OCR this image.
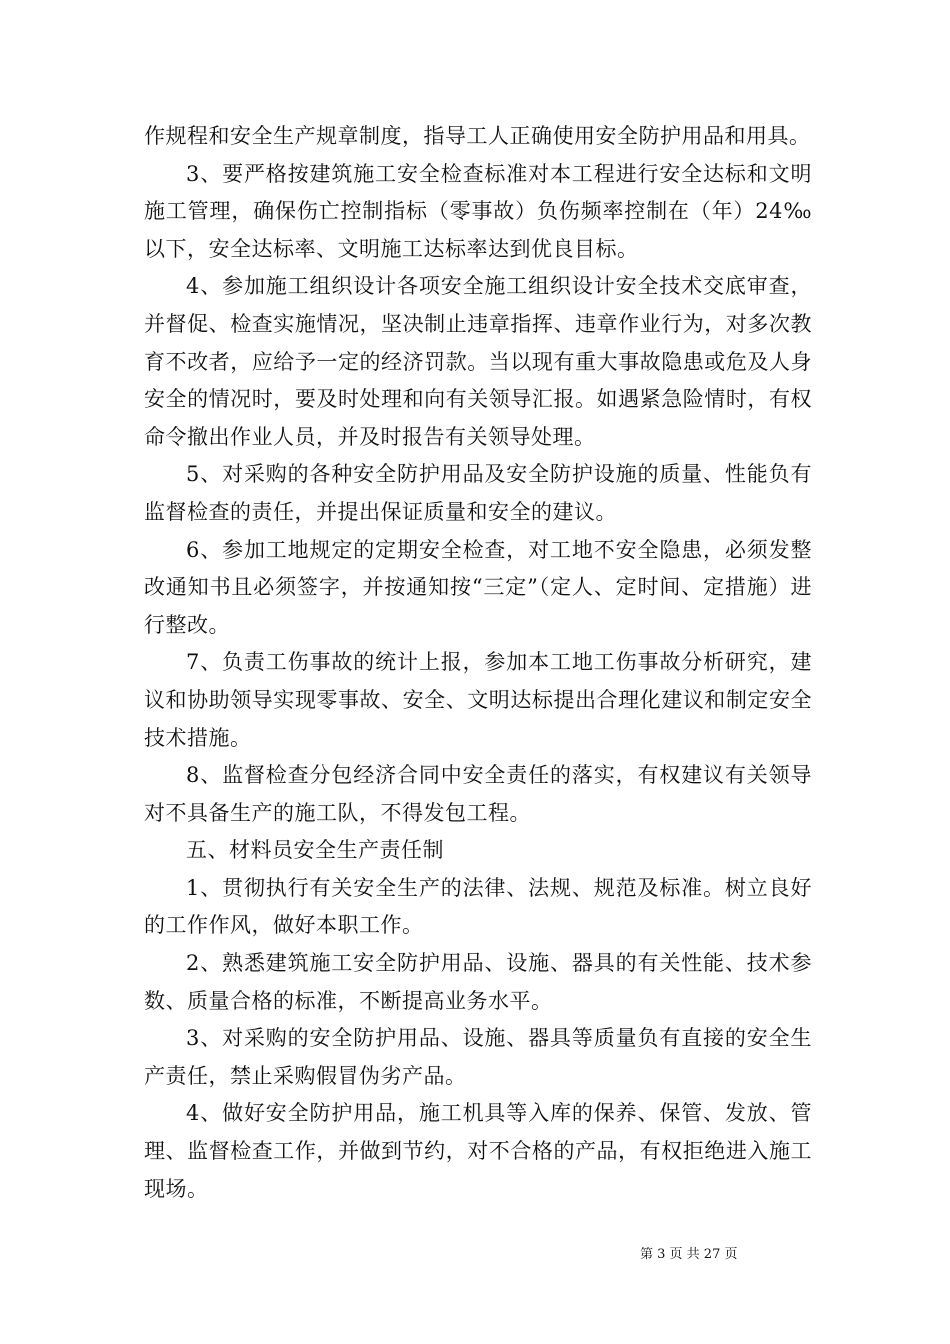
作规程和安全生产规章制度，指导工人正确使用安全防护用品和用具。

3、要严格按建筑施工安全检查标准对本工程进行安全达标和文明施工管理，确保伤亡控制指标（零事故）负伤频率控制在（年）24‰以下，安全达标率、文明施工达标率达到优良目标。

4、参加施工组织设计各项安全施工组织设计安全技术交底审查，并督促、检查实施情况，坚决制止违章指挥、违章作业行为，对多次教育不改者，应给予一定的经济罚款。当以现有重大事故隐患或危及人身安全的情况时，要及时处理和向有关领导汇报。如遇紧急险情时，有权命令撤出作业人员，并及时报告有关领导处理。

5、对采购的各种安全防护用品及安全防护设施的质量、性能负有监督检查的责任，并提出保证质量和安全的建议。

6、参加工地规定的定期安全检查，对工地不安全隐患，必须发整改通知书且必须签字，并按通知按“三定”（定人、定时间、定措施）进行整改。

7、负责工伤事故的统计上报，参加本工地工伤事故分析研究，建议和协助领导实现零事故、安全、文明达标提出合理化建议和制定安全技术措施。

8、监督检查分包经济合同中安全责任的落实，有权建议有关领导对不具备生产的施工队，不得发包工程。

五、材料员安全生产责任制

1、贯彻执行有关安全生产的法律、法规、规范及标准。树立良好的工作作风，做好本职工作。

2、熟悉建筑施工安全防护用品、设施、器具的有关性能、技术参数、质量合格的标准，不断提高业务水平。

3、对采购的安全防护用品、设施、器具等质量负有直接的安全生产责任，禁止采购假冒伪劣产品。

4、做好安全防护用品，施工机具等入库的保养、保管、发放、管理、监督检查工作，并做到节约，对不合格的产品，有权拒绝进入施工现场。

第 3 页 共 27 页
